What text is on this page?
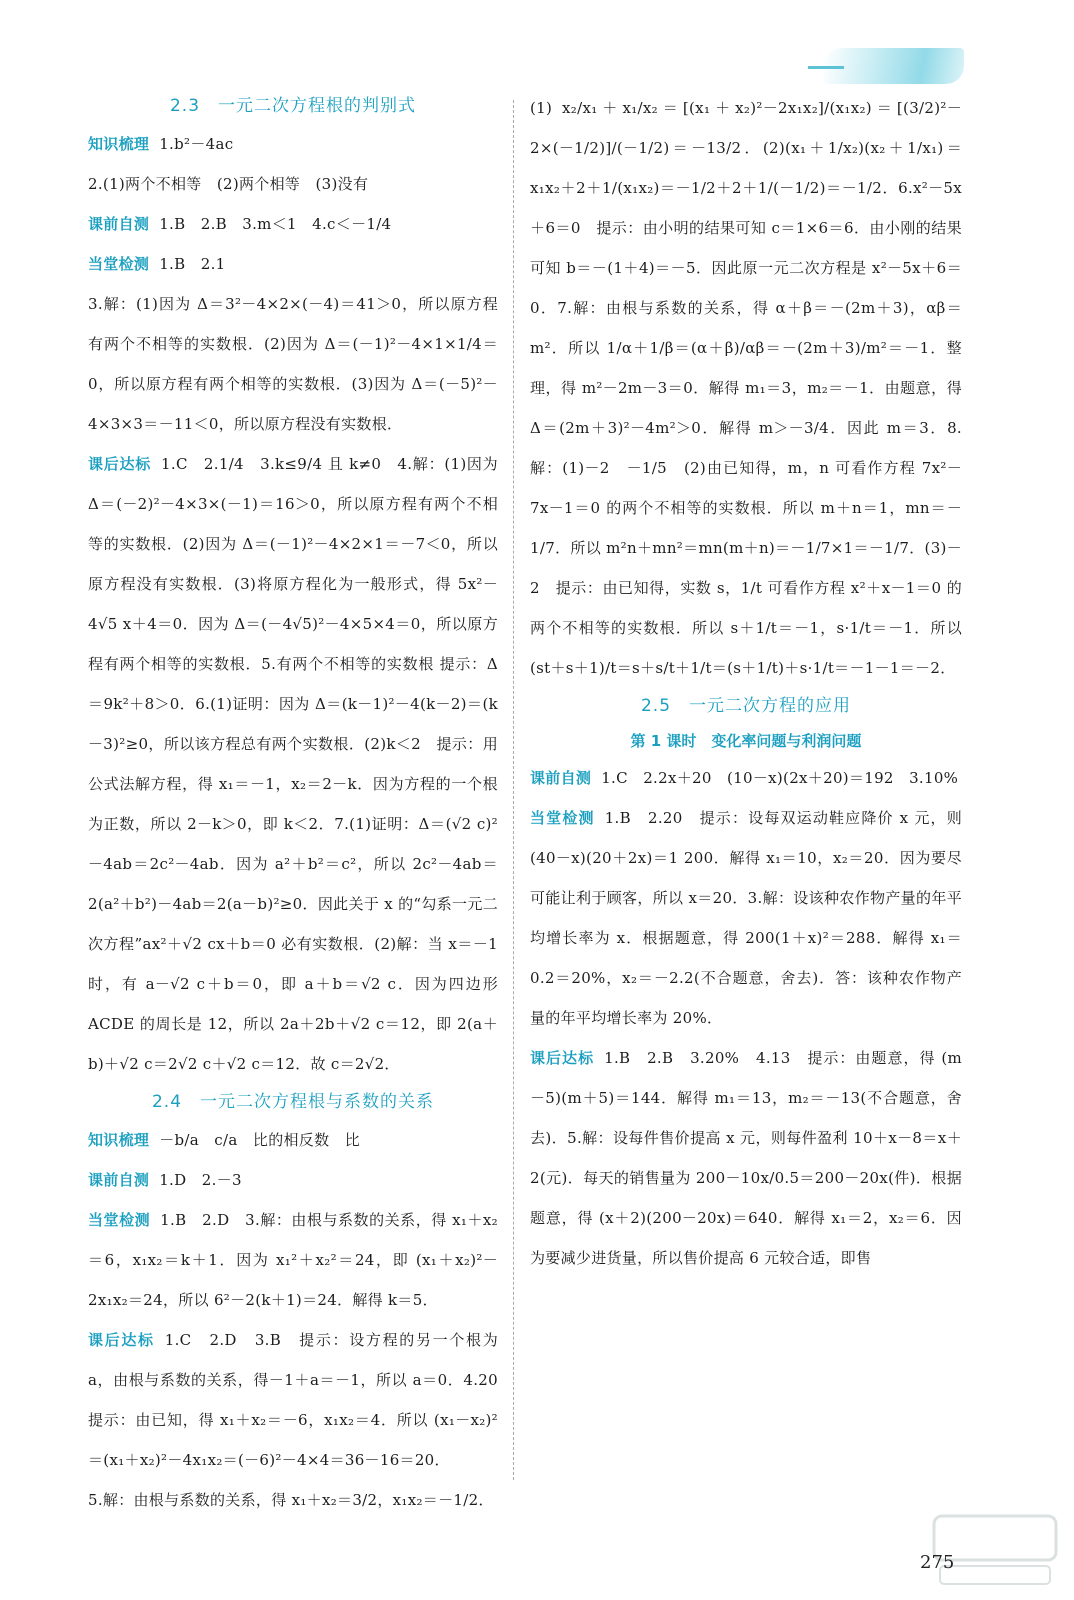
2.3　一元二次方程根的判别式
知识梳理 1.b²－4ac
2.(1)两个不相等　(2)两个相等　(3)没有
课前自测 1.B　2.B　3.m＜1　4.c＜－1/4
当堂检测 1.B　2.1
3.解：(1)因为 Δ＝3²－4×2×(－4)＝41＞0，所以原方程有两个不相等的实数根．(2)因为 Δ＝(－1)²－4×1×1/4＝0，所以原方程有两个相等的实数根．(3)因为 Δ＝(－5)²－4×3×3＝－11＜0，所以原方程没有实数根．
课后达标 1.C　2.1/4　3.k≤9/4 且 k≠0　4.解：(1)因为 Δ＝(－2)²－4×3×(－1)＝16＞0，所以原方程有两个不相等的实数根．(2)因为 Δ＝(－1)²－4×2×1＝－7＜0，所以原方程没有实数根．(3)将原方程化为一般形式，得 5x²－4√5 x＋4＝0．因为 Δ＝(－4√5)²－4×5×4＝0，所以原方程有两个相等的实数根．5.有两个不相等的实数根 提示：Δ＝9k²＋8＞0．6.(1)证明：因为 Δ＝(k－1)²－4(k－2)＝(k－3)²≥0，所以该方程总有两个实数根．(2)k＜2　提示：用公式法解方程，得 x₁＝－1，x₂＝2－k．因为方程的一个根为正数，所以 2－k＞0，即 k＜2．7.(1)证明：Δ＝(√2 c)²－4ab＝2c²－4ab．因为 a²＋b²＝c²，所以 2c²－4ab＝2(a²＋b²)－4ab＝2(a－b)²≥0．因此关于 x 的“勾系一元二次方程”ax²＋√2 cx＋b＝0 必有实数根．(2)解：当 x＝－1 时，有 a－√2 c＋b＝0，即 a＋b＝√2 c．因为四边形 ACDE 的周长是 12，所以 2a＋2b＋√2 c＝12，即 2(a＋b)＋√2 c＝2√2 c＋√2 c＝12．故 c＝2√2．
2.4　一元二次方程根与系数的关系
知识梳理 －b/a　c/a　比的相反数　比
课前自测 1.D　2.－3
当堂检测 1.B　2.D　3.解：由根与系数的关系，得 x₁＋x₂＝6，x₁x₂＝k＋1．因为 x₁²＋x₂²＝24，即 (x₁＋x₂)²－2x₁x₂＝24，所以 6²－2(k＋1)＝24．解得 k＝5．
课后达标 1.C　2.D　3.B　提示：设方程的另一个根为 a，由根与系数的关系，得－1＋a＝－1，所以 a＝0．4.20　提示：由已知，得 x₁＋x₂＝－6，x₁x₂＝4．所以 (x₁－x₂)²＝(x₁＋x₂)²－4x₁x₂＝(－6)²－4×4＝36－16＝20．
5.解：由根与系数的关系，得 x₁＋x₂＝3/2，x₁x₂＝－1/2．
(1) x₂/x₁＋x₁/x₂＝[(x₁＋x₂)²－2x₁x₂]/(x₁x₂)＝[(3/2)²－2×(－1/2)]/(－1/2)＝－13/2．(2)(x₁＋1/x₂)(x₂＋1/x₁)＝x₁x₂＋2＋1/(x₁x₂)＝－1/2＋2＋1/(－1/2)＝－1/2．6.x²－5x＋6＝0　提示：由小明的结果可知 c＝1×6＝6．由小刚的结果可知 b＝－(1＋4)＝－5．因此原一元二次方程是 x²－5x＋6＝0．7.解：由根与系数的关系，得 α＋β＝－(2m＋3)，αβ＝m²．所以 1/α＋1/β＝(α＋β)/αβ＝－(2m＋3)/m²＝－1．整理，得 m²－2m－3＝0．解得 m₁＝3，m₂＝－1．由题意，得 Δ＝(2m＋3)²－4m²＞0．解得 m＞－3/4．因此 m＝3．8.解：(1)－2　－1/5　(2)由已知得，m，n 可看作方程 7x²－7x－1＝0 的两个不相等的实数根．所以 m＋n＝1，mn＝－1/7．所以 m²n＋mn²＝mn(m＋n)＝－1/7×1＝－1/7．(3)－2　提示：由已知得，实数 s，1/t 可看作方程 x²＋x－1＝0 的两个不相等的实数根．所以 s＋1/t＝－1，s·1/t＝－1．所以 (st＋s＋1)/t＝s＋s/t＋1/t＝(s＋1/t)＋s·1/t＝－1－1＝－2．
2.5　一元二次方程的应用
第 1 课时　变化率问题与利润问题
课前自测 1.C　2.2x＋20　(10－x)(2x＋20)＝192　3.10%
当堂检测 1.B　2.20　提示：设每双运动鞋应降价 x 元，则 (40－x)(20＋2x)＝1 200．解得 x₁＝10，x₂＝20．因为要尽可能让利于顾客，所以 x＝20．3.解：设该种农作物产量的年平均增长率为 x．根据题意，得 200(1＋x)²＝288．解得 x₁＝0.2＝20%，x₂＝－2.2(不合题意，舍去)．答：该种农作物产量的年平均增长率为 20%．
课后达标 1.B　2.B　3.20%　4.13　提示：由题意，得 (m－5)(m＋5)＝144．解得 m₁＝13，m₂＝－13(不合题意，舍去)．5.解：设每件售价提高 x 元，则每件盈利 10＋x－8＝x＋2(元)．每天的销售量为 200－10x/0.5＝200－20x(件)．根据题意，得 (x＋2)(200－20x)＝640．解得 x₁＝2，x₂＝6．因为要减少进货量，所以售价提高 6 元较合适，即售
275
